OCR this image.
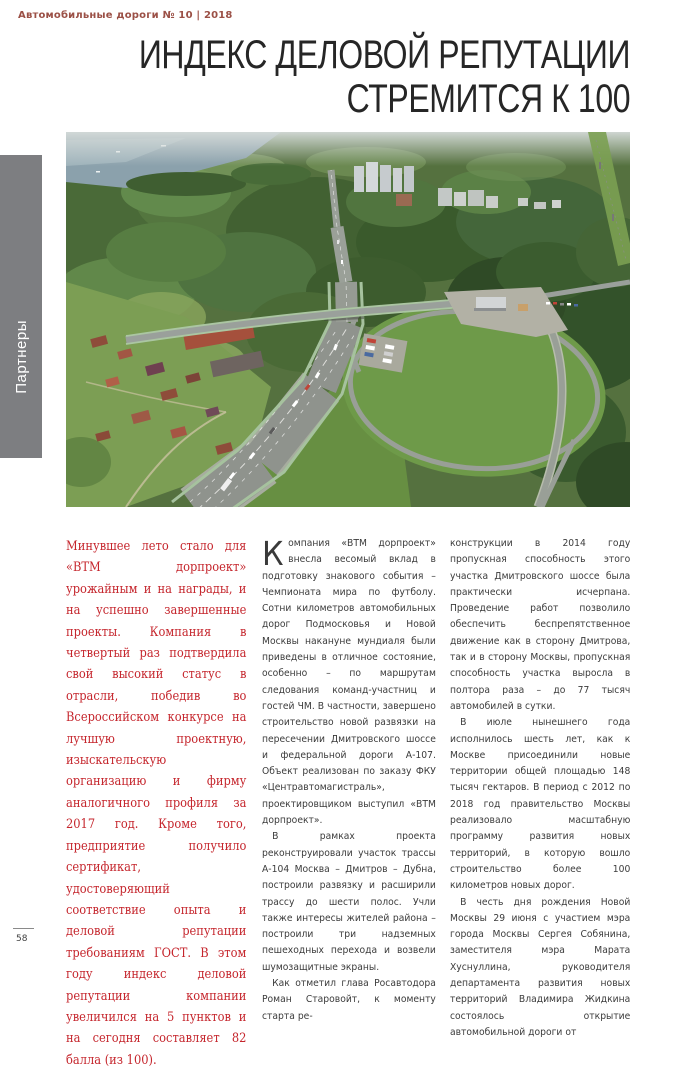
Автомобильные дороги № 10 | 2018
ИНДЕКС ДЕЛОВОЙ РЕПУТАЦИИ
СТРЕМИТСЯ К 100
Партнеры

Минувшее лето стало для «ВТМ дорпроект» урожайным и на награды, и на успешно завершенные проекты. Компания в четвертый раз подтвердила свой высокий статус в отрасли, победив во Всероссийском конкурсе на лучшую проектную, изыскательскую организацию и фирму аналогичного профиля за 2017 год. Кроме того, предприятие получило сертификат, удостоверяющий соответствие опыта и деловой репутации требованиям ГОСТ. В этом году индекс деловой репутации компании увеличился на 5 пунктов и на сегодня составляет 82 балла (из 100).

Компания «ВТМ дорпроект» внесла весомый вклад в подготовку знакового события – Чемпионата мира по футболу. Сотни километров автомобильных дорог Подмосковья и Новой Москвы накануне мундиаля были приведены в отличное состояние, особенно – по маршрутам следования команд-участниц и гостей ЧМ. В частности, завершено строительство новой развязки на пересечении Дмитровского шоссе и федеральной дороги А-107. Объект реализован по заказу ФКУ «Центравтомагистраль», проектировщиком выступил «ВТМ дорпроект».

В рамках проекта реконструировали участок трассы А-104 Москва – Дмитров – Дубна, построили развязку и расширили трассу до шести полос. Учли также интересы жителей района – построили три надземных пешеходных перехода и возвели шумозащитные экраны.

Как отметил глава Росавтодора Роман Старовойт, к моменту старта ре-

конструкции в 2014 году пропускная способность этого участка Дмитровского шоссе была практически исчерпана. Проведение работ позволило обеспечить беспрепятственное движение как в сторону Дмитрова, так и в сторону Москвы, пропускная способность участка выросла в полтора раза – до 77 тысяч автомобилей в сутки.

В июле нынешнего года исполнилось шесть лет, как к Москве присоединили новые территории общей площадью 148 тысяч гектаров. В период с 2012 по 2018 год правительство Москвы реализовало масштабную программу развития новых территорий, в которую вошло строительство более 100 километров новых дорог.

В честь дня рождения Новой Москвы 29 июня с участием мэра города Москвы Сергея Собянина, заместителя мэра Марата Хуснуллина, руководителя департамента развития новых территорий Владимира Жидкина состоялось открытие автомобильной дороги от

58
